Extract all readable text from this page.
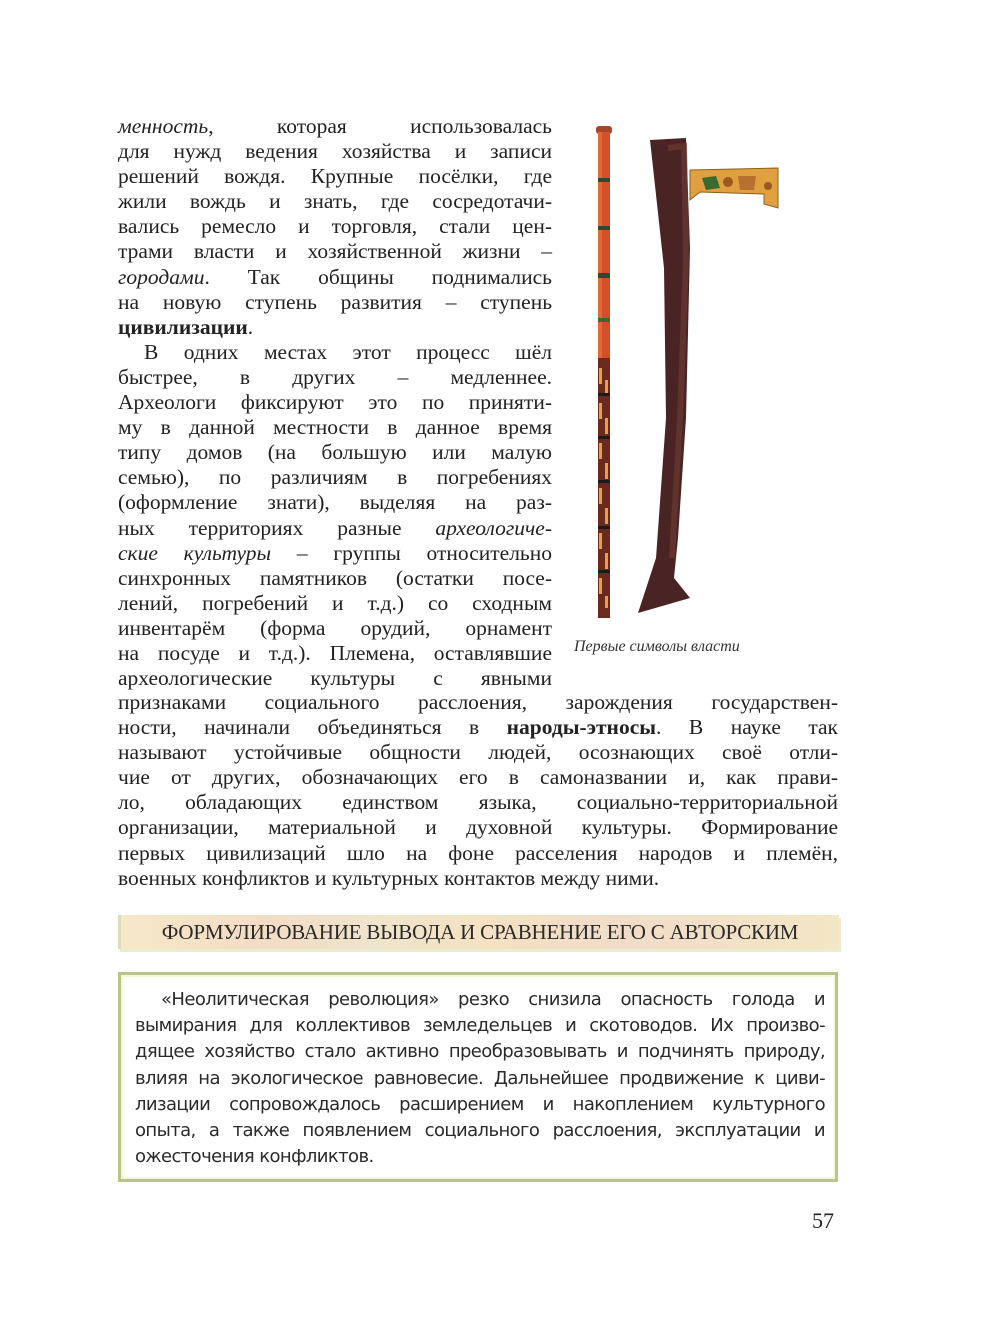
менность, которая использовалась
для нужд ведения хозяйства и записи
решений вождя. Крупные посёлки, где
жили вождь и знать, где сосредотачи-
вались ремесло и торговля, стали цен-
трами власти и хозяйственной жизни –
городами. Так общины поднимались
на новую ступень развития – ступень
цивилизации.
В одних местах этот процесс шёл
быстрее, в других – медленнее.
Археологи фиксируют это по приняти-
му в данной местности в данное время
типу домов (на большую или малую
семью), по различиям в погребениях
(оформление знати), выделяя на раз-
ных территориях разные археологиче-
ские культуры – группы относительно
синхронных памятников (остатки посе-
лений, погребений и т.д.) со сходным
инвентарём (форма орудий, орнамент
на посуде и т.д.). Племена, оставлявшие
археологические культуры с явными
Первые символы власти
признаками социального расслоения, зарождения государствен-
ности, начинали объединяться в народы-этносы. В науке так
называют устойчивые общности людей, осознающих своё отли-
чие от других, обозначающих его в самоназвании и, как прави-
ло, обладающих единством языка, социально-территориальной
организации, материальной и духовной культуры. Формирование
первых цивилизаций шло на фоне расселения народов и племён,
военных конфликтов и культурных контактов между ними.
ФОРМУЛИРОВАНИЕ ВЫВОДА И СРАВНЕНИЕ ЕГО С АВТОРСКИМ
«Неолитическая революция» резко снизила опасность голода и
вымирания для коллективов земледельцев и скотоводов. Их произво-
дящее хозяйство стало активно преобразовывать и подчинять природу,
влияя на экологическое равновесие. Дальнейшее продвижение к циви-
лизации сопровождалось расширением и накоплением культурного
опыта, а также появлением социального расслоения, эксплуатации и
ожесточения конфликтов.
57
